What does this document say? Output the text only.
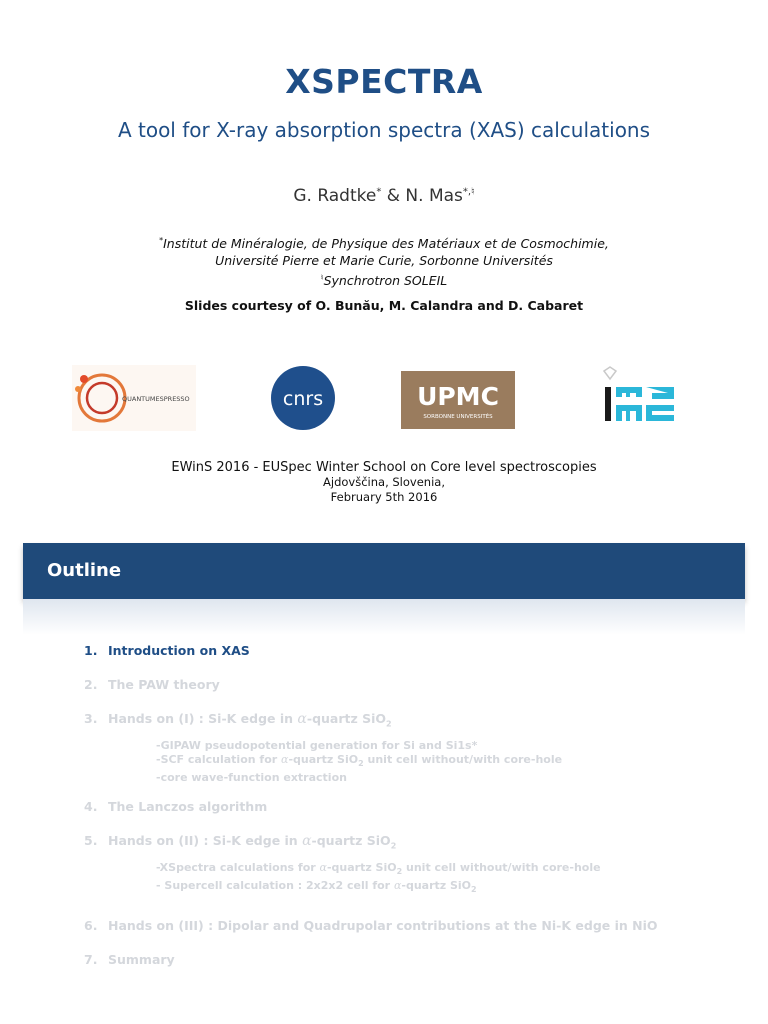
XSPECTRA
A tool for X-ray absorption spectra (XAS) calculations
G. Radtke* & N. Mas*,♮
*Institut de Minéralogie, de Physique des Matériaux et de Cosmochimie,
Université Pierre et Marie Curie, Sorbonne Universités
♮Synchrotron SOLEIL
Slides courtesy of O. Bunău, M. Calandra and D. Cabaret
QUANTUMESPRESSO	cnrs	UPMC
SORBONNE UNIVERSITÉS
IMPMC
EWinS 2016 - EUSpec Winter School on Core level spectroscopies
Ajdovščina, Slovenia,
February 5th 2016
Outline
1. Introduction on XAS
2. The PAW theory
3. Hands on (I) : Si-K edge in α-quartz SiO$_2$
-GIPAW pseudopotential generation for Si and Si1s*
-SCF calculation for α-quartz SiO$_2$ unit cell without/with core-hole
-core wave-function extraction
4. The Lanczos algorithm
5. Hands on (II) : Si-K edge in α-quartz SiO$_2$
-XSpectra calculations for α-quartz SiO$_2$ unit cell without/with core-hole
- Supercell calculation : 2x2x2 cell for α-quartz SiO$_2$
6. Hands on (III) : Dipolar and Quadrupolar contributions at the Ni-K edge in NiO
7. Summary
